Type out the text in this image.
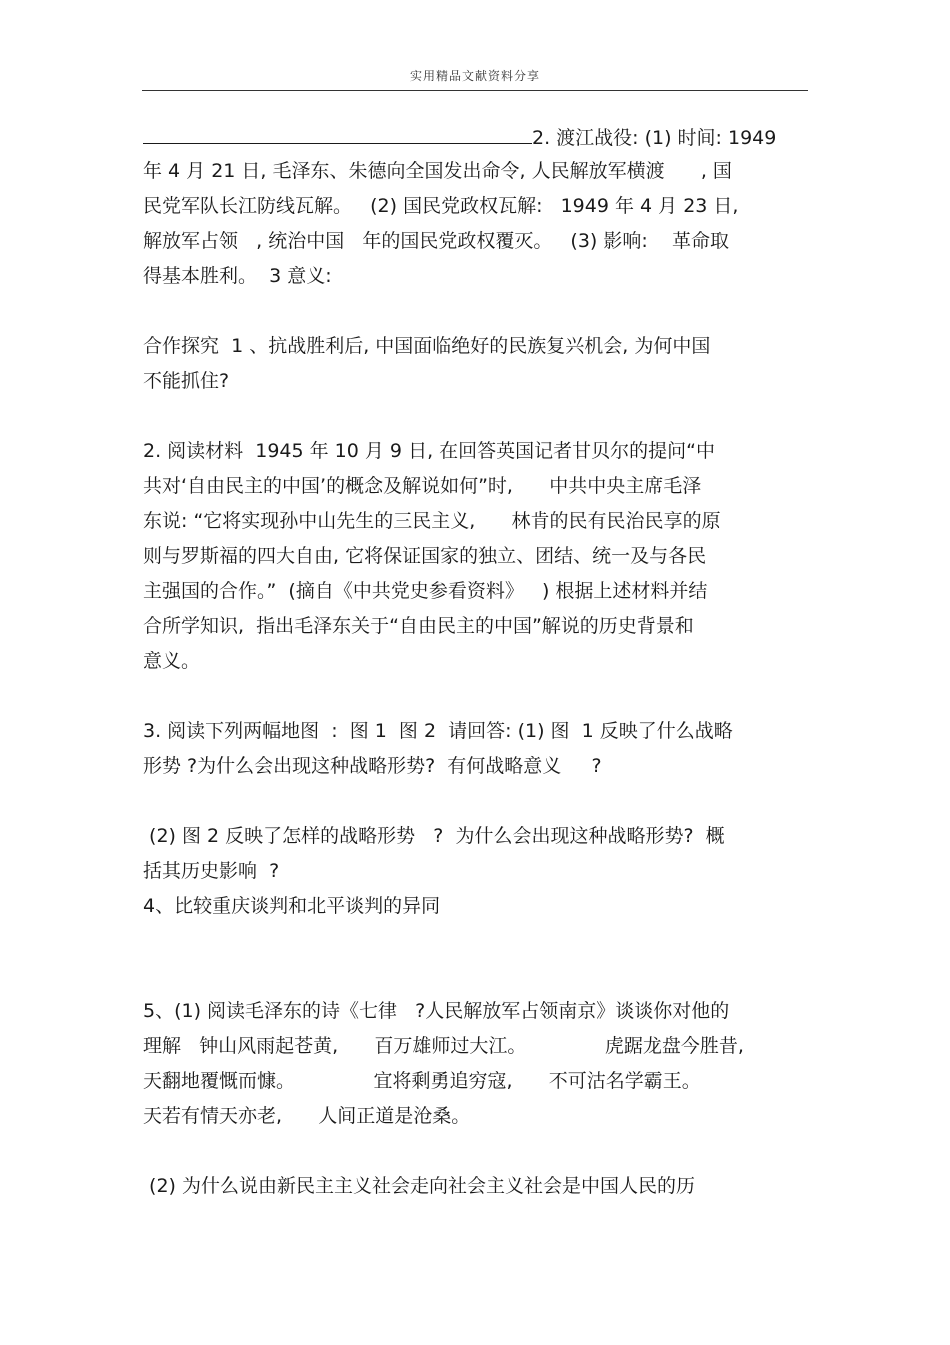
实用精品文献资料分享
2. 渡江战役: (1) 时间: 1949
年 4 月 21 日, 毛泽东、朱德向全国发出命令, 人民解放军横渡      , 国
民党军队长江防线瓦解。   (2) 国民党政权瓦解:   1949 年 4 月 23 日,
解放军占领   , 统治中国   年的国民党政权覆灭。   (3) 影响:    革命取
得基本胜利。  3 意义:
合作探究  1 、抗战胜利后, 中国面临绝好的民族复兴机会, 为何中国
不能抓住?
2. 阅读材料  1945 年 10 月 9 日, 在回答英国记者甘贝尔的提问“中
共对‘自由民主的中国’的概念及解说如何”时,      中共中央主席毛泽
东说: “它将实现孙中山先生的三民主义,      林肯的民有民治民享的原
则与罗斯福的四大自由, 它将保证国家的独立、团结、统一及与各民
主强国的合作。”  (摘自《中共党史参看资料》   ) 根据上述材料并结
合所学知识,  指出毛泽东关于“自由民主的中国”解说的历史背景和
意义。
3. 阅读下列两幅地图  :  图 1  图 2  请回答: (1) 图  1 反映了什么战略
形势 ?为什么会出现这种战略形势?  有何战略意义     ?
(2) 图 2 反映了怎样的战略形势   ?  为什么会出现这种战略形势?  概
括其历史影响  ?
4、比较重庆谈判和北平谈判的异同
5、(1) 阅读毛泽东的诗《七律   ?人民解放军占领南京》谈谈你对他的
理解   钟山风雨起苍黄,      百万雄师过大江。             虎踞龙盘今胜昔,
天翻地覆慨而慷。             宜将剩勇追穷寇,      不可沽名学霸王。
天若有情天亦老,      人间正道是沧桑。
(2) 为什么说由新民主主义社会走向社会主义社会是中国人民的历
